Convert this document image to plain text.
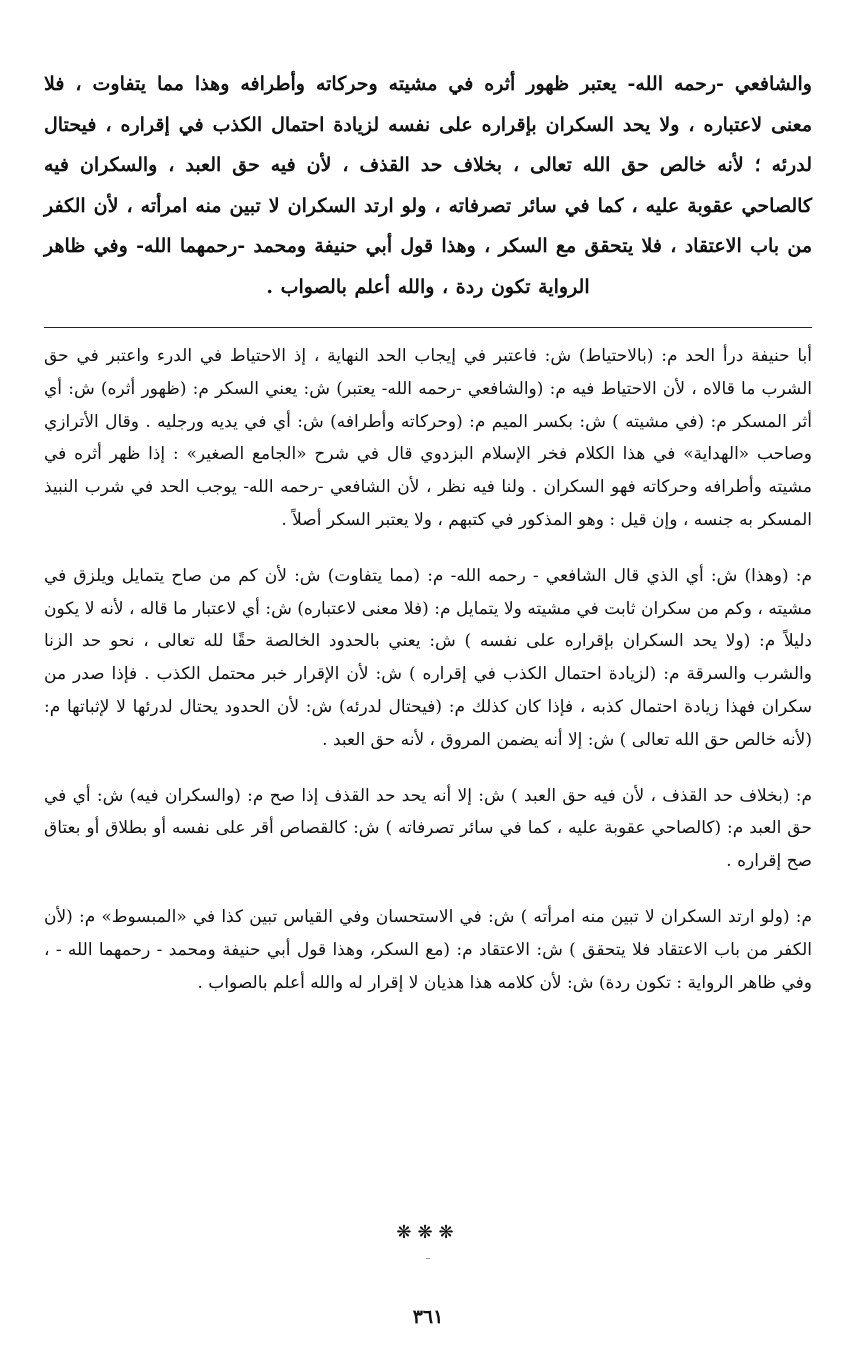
والشافعي -رحمه الله- يعتبر ظهور أثره في مشيته وحركاته وأطرافه وهذا مما يتفاوت ، فلا معنى لاعتباره ، ولا يحد السكران بإقراره على نفسه لزيادة احتمال الكذب في إقراره ، فيحتال لدرئه ؛ لأنه خالص حق الله تعالى ، بخلاف حد القذف ، لأن فيه حق العبد ، والسكران فيه كالصاحي عقوبة عليه ، كما في سائر تصرفاته ، ولو ارتد السكران لا تبين منه امرأته ، لأن الكفر من باب الاعتقاد ، فلا يتحقق مع السكر ، وهذا قول أبي حنيفة ومحمد -رحمهما الله- وفي ظاهر الرواية تكون ردة ، والله أعلم بالصواب .

أبا حنيفة درأ الحد م: (بالاحتياط) ش: فاعتبر في إيجاب الحد النهاية ، إذ الاحتياط في الدرء واعتبر في حق الشرب ما قالاه ، لأن الاحتياط فيه م: (والشافعي -رحمه الله- يعتبر) ش: يعني السكر م: (ظهور أثره) ش: أي أثر المسكر م: (في مشيته ) ش: بكسر الميم م: (وحركاته وأطرافه) ش: أي في يديه ورجليه . وقال الأترازي وصاحب «الهداية» في هذا الكلام فخر الإسلام البزدوي قال في شرح «الجامع الصغير» : إذا ظهر أثره في مشيته وأطرافه وحركاته فهو السكران . ولنا فيه نظر ، لأن الشافعي -رحمه الله- يوجب الحد في شرب النبيذ المسكر به جنسه ، وإن قيل : وهو المذكور في كتبهم ، ولا يعتبر السكر أصلاً .

م: (وهذا) ش: أي الذي قال الشافعي - رحمه الله- م: (مما يتفاوت) ش: لأن كم من صاح يتمايل ويلزق في مشيته ، وكم من سكران ثابت في مشيته ولا يتمايل م: (فلا معنى لاعتباره) ش: أي لاعتبار ما قاله ، لأنه لا يكون دليلاً م: (ولا يحد السكران بإقراره على نفسه ) ش: يعني بالحدود الخالصة حقًا لله تعالى ، نحو حد الزنا والشرب والسرقة م: (لزيادة احتمال الكذب في إقراره ) ش: لأن الإقرار خبر محتمل الكذب . فإذا صدر من سكران فهذا زيادة احتمال كذبه ، فإذا كان كذلك م: (فيحتال لدرئه) ش: لأن الحدود يحتال لدرئها لا لإثباتها م: (لأنه خالص حق الله تعالى ) ش: إلا أنه يضمن المروق ، لأنه حق العبد .

م: (بخلاف حد القذف ، لأن فيه حق العبد ) ش: إلا أنه يحد حد القذف إذا صح م: (والسكران فيه) ش: أي في حق العبد م: (كالصاحي عقوبة عليه ، كما في سائر تصرفاته ) ش: كالقصاص أقر على نفسه أو بطلاق أو بعتاق صح إقراره .

م: (ولو ارتد السكران لا تبين منه امرأته ) ش: في الاستحسان وفي القياس تبين كذا في «المبسوط» م: (لأن الكفر من باب الاعتقاد فلا يتحقق ) ش: الاعتقاد م: (مع السكر، وهذا قول أبي حنيفة ومحمد - رحمهما الله - ، وفي ظاهر الرواية : تكون ردة) ش: لأن كلامه هذا هذيان لا إقرار له والله أعلم بالصواب .

❋❋❋
٣٦١
